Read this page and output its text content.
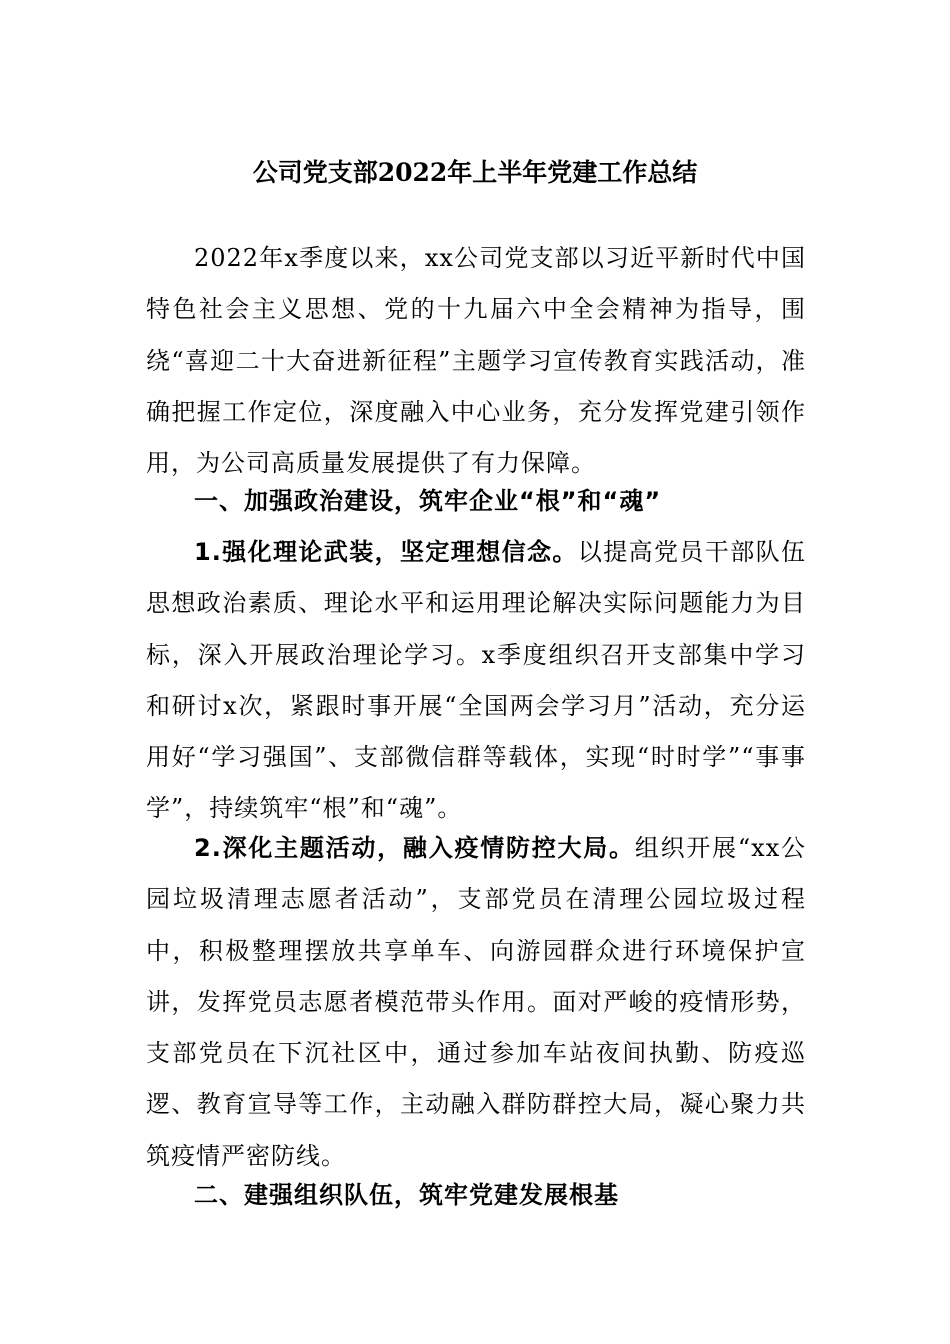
公司党支部2022年上半年党建工作总结
2022年x季度以来，xx公司党支部以习近平新时代中国特色社会主义思想、党的十九届六中全会精神为指导，围绕“喜迎二十大奋进新征程”主题学习宣传教育实践活动，准确把握工作定位，深度融入中心业务，充分发挥党建引领作用，为公司高质量发展提供了有力保障。
一、加强政治建设，筑牢企业“根”和“魂”
1.强化理论武装，坚定理想信念。以提高党员干部队伍思想政治素质、理论水平和运用理论解决实际问题能力为目标，深入开展政治理论学习。x季度组织召开支部集中学习和研讨x次，紧跟时事开展“全国两会学习月”活动，充分运用好“学习强国”、支部微信群等载体，实现“时时学”“事事学”，持续筑牢“根”和“魂”。
2.深化主题活动，融入疫情防控大局。组织开展“xx公园垃圾清理志愿者活动”，支部党员在清理公园垃圾过程中，积极整理摆放共享单车、向游园群众进行环境保护宣讲，发挥党员志愿者模范带头作用。面对严峻的疫情形势，支部党员在下沉社区中，通过参加车站夜间执勤、防疫巡逻、教育宣导等工作，主动融入群防群控大局，凝心聚力共筑疫情严密防线。
二、建强组织队伍，筑牢党建发展根基
